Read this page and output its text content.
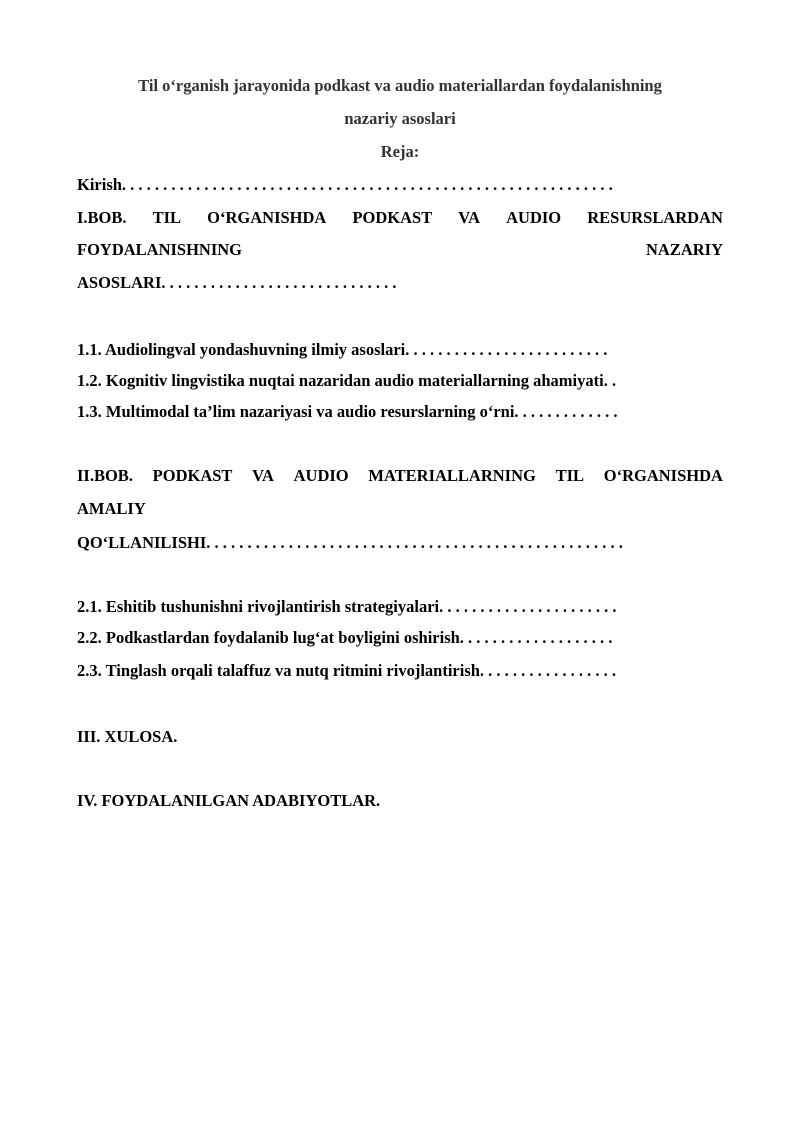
Til o‘rganish jarayonida podkast va audio materiallardan foydalanishning
nazariy asoslari
Reja:
Kirish. . . . . . . . . . . . . . . . . . . . . . . . . . . . . . . . . . . . . . . . . . . . . . . . . . . . . . . . . . . .
I.BOB. TIL O‘RGANISHDA PODKAST VA AUDIO RESURSLARDAN
FOYDALANISHNING	NAZARIY
ASOSLARI. . . . . . . . . . . . . . . . . . . . . . . . . . . . .
1.1. Audiolingval yondashuvning ilmiy asoslari. . . . . . . . . . . . . . . . . . . . . . . . .
1.2. Kognitiv lingvistika nuqtai nazaridan audio materiallarning ahamiyati. .
1.3. Multimodal ta’lim nazariyasi va audio resurslarning o‘rni. . . . . . . . . . . . .
II.BOB. PODKAST VA AUDIO MATERIALLARNING TIL O‘RGANISHDA
AMALIY
QO‘LLANILISHI. . . . . . . . . . . . . . . . . . . . . . . . . . . . . . . . . . . . . . . . . . . . . . . . . . .
2.1. Eshitib tushunishni rivojlantirish strategiyalari. . . . . . . . . . . . . . . . . . . . . .
2.2. Podkastlardan foydalanib lug‘at boyligini oshirish. . . . . . . . . . . . . . . . . . .
2.3. Tinglash orqali talaffuz va nutq ritmini rivojlantirish. . . . . . . . . . . . . . . . .
III. XULOSA.
IV. FOYDALANILGAN ADABIYOTLAR.
